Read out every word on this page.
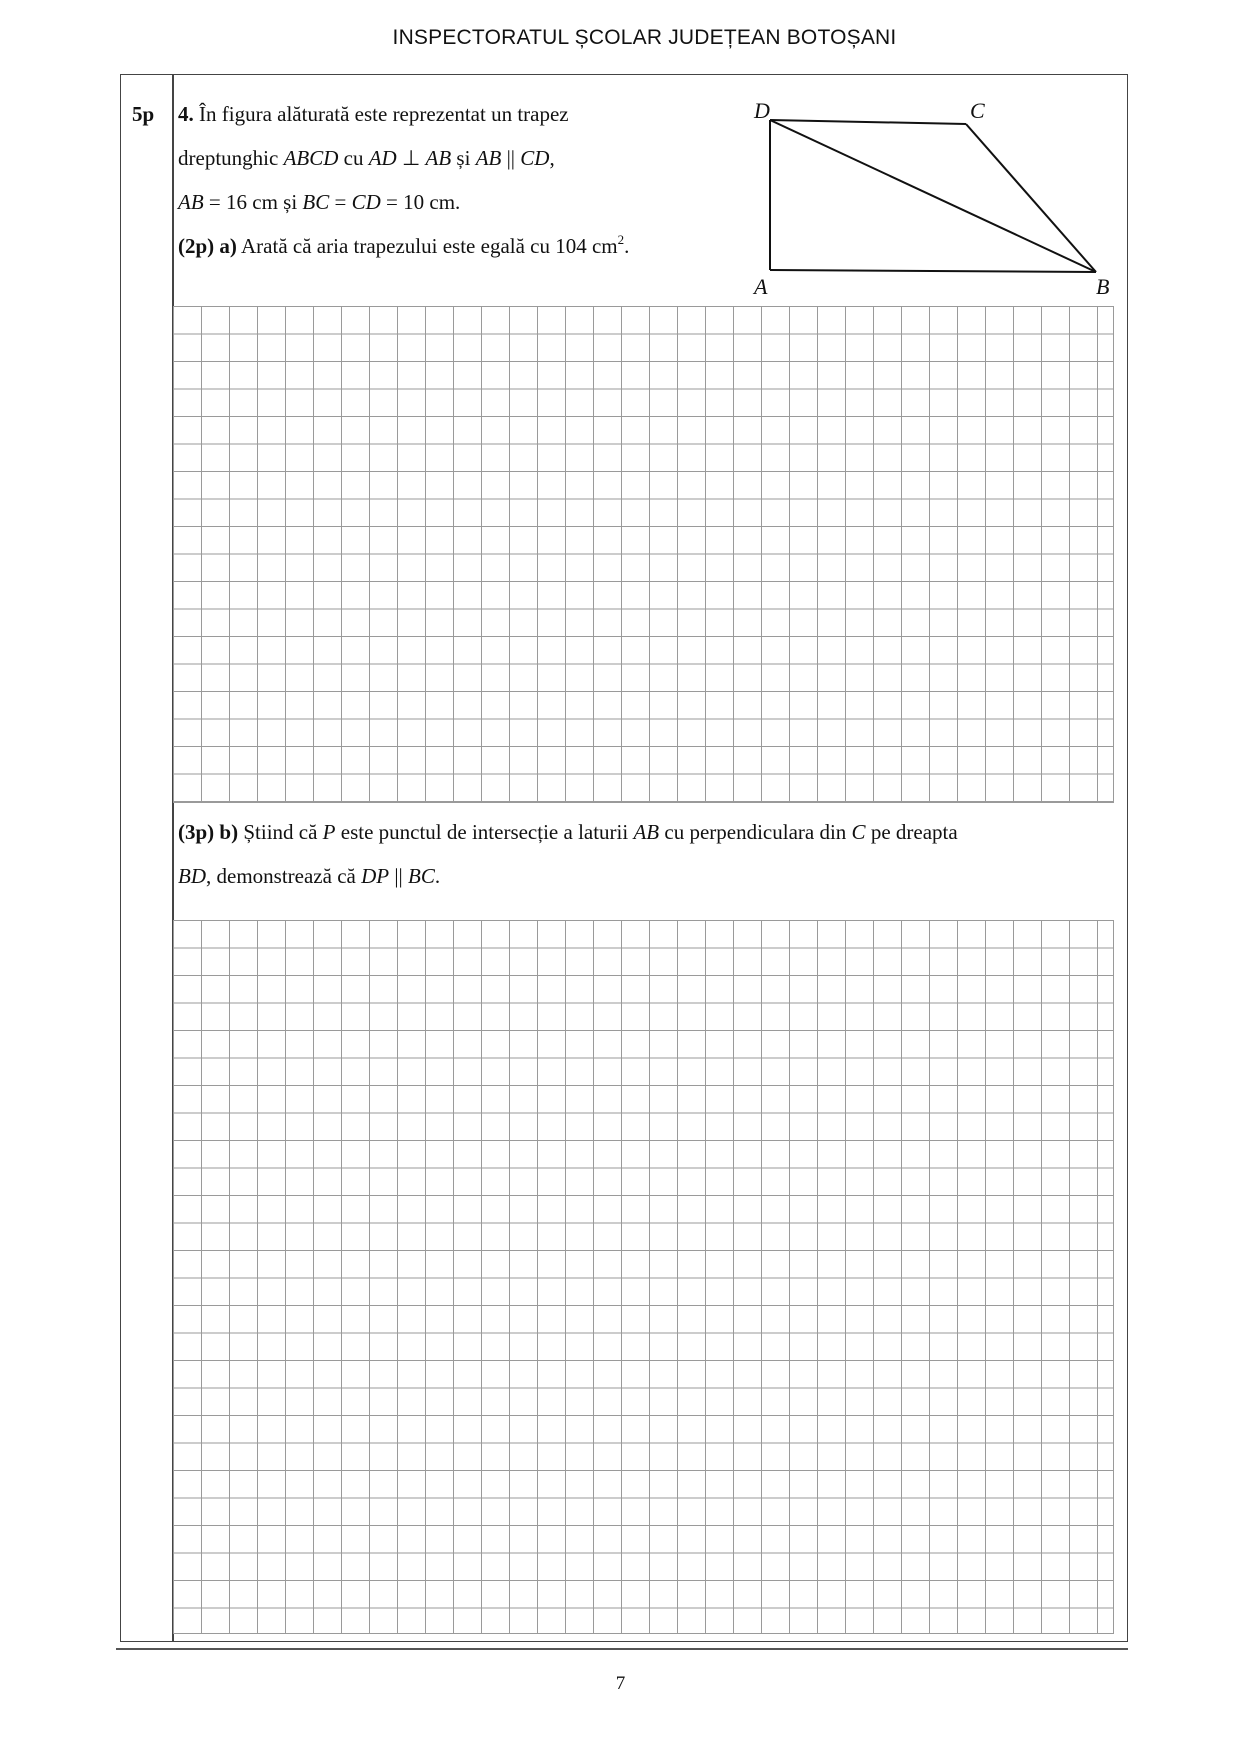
INSPECTORATUL ȘCOLAR JUDEȚEAN BOTOȘANI
5p 4. În figura alăturată este reprezentat un trapez
dreptunghic ABCD cu AD ⊥ AB și AB || CD,
AB = 16 cm și BC = CD = 10 cm.
(2p) a) Arată că aria trapezului este egală cu 104 $cm^2$.
D	C
A	B
(3p) b) Știind că P este punctul de intersecție a laturii AB cu perpendiculara din C pe dreapta
BD, demonstrează că DP || BC.
7
